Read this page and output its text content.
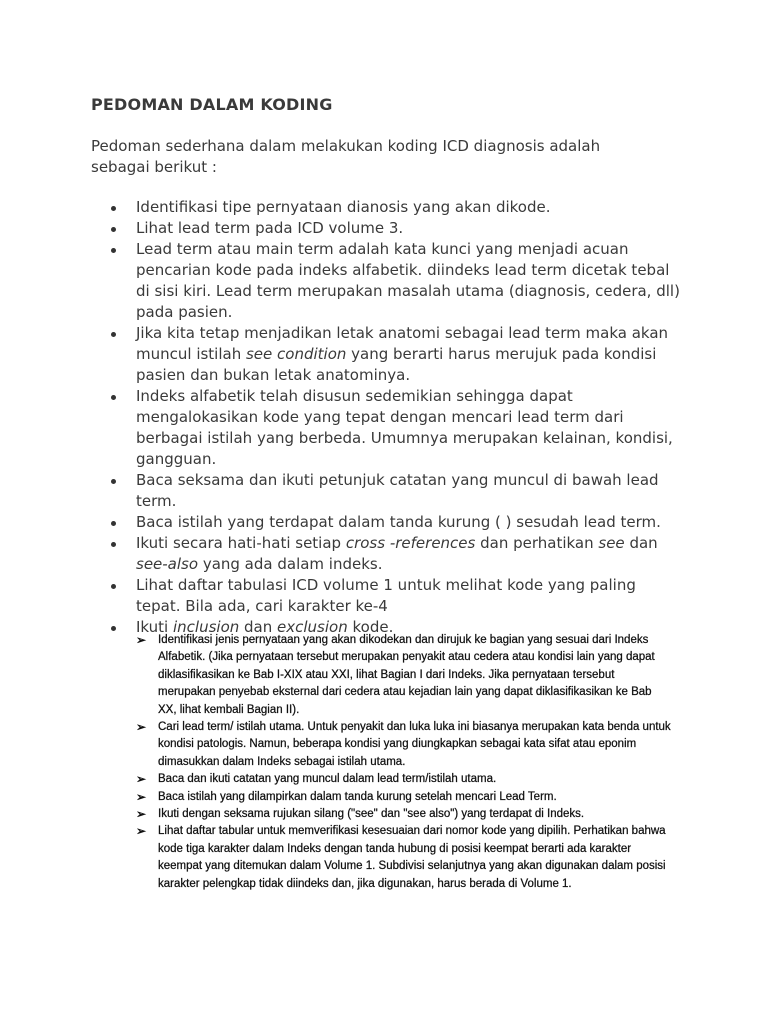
PEDOMAN DALAM KODING

Pedoman sederhana dalam melakukan koding ICD diagnosis adalah sebagai berikut :

Identifikasi tipe pernyataan dianosis yang akan dikode.
Lihat lead term pada ICD volume 3.
Lead term atau main term adalah kata kunci yang menjadi acuan pencarian kode pada indeks alfabetik. diindeks lead term dicetak tebal di sisi kiri. Lead term merupakan masalah utama (diagnosis, cedera, dll) pada pasien.
Jika kita tetap menjadikan letak anatomi sebagai lead term maka akan muncul istilah see condition yang berarti harus merujuk pada kondisi pasien dan bukan letak anatominya.
Indeks alfabetik telah disusun sedemikian sehingga dapat mengalokasikan kode yang tepat dengan mencari lead term dari berbagai istilah yang berbeda. Umumnya merupakan kelainan, kondisi, gangguan.
Baca seksama dan ikuti petunjuk catatan yang muncul di bawah lead term.
Baca istilah yang terdapat dalam tanda kurung ( ) sesudah lead term.
Ikuti secara hati-hati setiap cross -references dan perhatikan see dan see-also yang ada dalam indeks.
Lihat daftar tabulasi ICD volume 1 untuk melihat kode yang paling tepat. Bila ada, cari karakter ke-4
Ikuti inclusion dan exclusion kode.
➢ Identifikasi jenis pernyataan yang akan dikodekan dan dirujuk ke bagian yang sesuai dari Indeks Alfabetik. (Jika pernyataan tersebut merupakan penyakit atau cedera atau kondisi lain yang dapat diklasifikasikan ke Bab I-XIX atau XXI, lihat Bagian I dari Indeks. Jika pernyataan tersebut merupakan penyebab eksternal dari cedera atau kejadian lain yang dapat diklasifikasikan ke Bab XX, lihat kembali Bagian II).
➢ Cari lead term/ istilah utama. Untuk penyakit dan luka luka ini biasanya merupakan kata benda untuk kondisi patologis. Namun, beberapa kondisi yang diungkapkan sebagai kata sifat atau eponim dimasukkan dalam Indeks sebagai istilah utama.
➢ Baca dan ikuti catatan yang muncul dalam lead term/istilah utama.
➢ Baca istilah yang dilampirkan dalam tanda kurung setelah mencari Lead Term.
➢ Ikuti dengan seksama rujukan silang ("see" dan "see also") yang terdapat di Indeks.
➢ Lihat daftar tabular untuk memverifikasi kesesuaian dari nomor kode yang dipilih. Perhatikan bahwa kode tiga karakter dalam Indeks dengan tanda hubung di posisi keempat berarti ada karakter keempat yang ditemukan dalam Volume 1. Subdivisi selanjutnya yang akan digunakan dalam posisi karakter pelengkap tidak diindeks dan, jika digunakan, harus berada di Volume 1.
